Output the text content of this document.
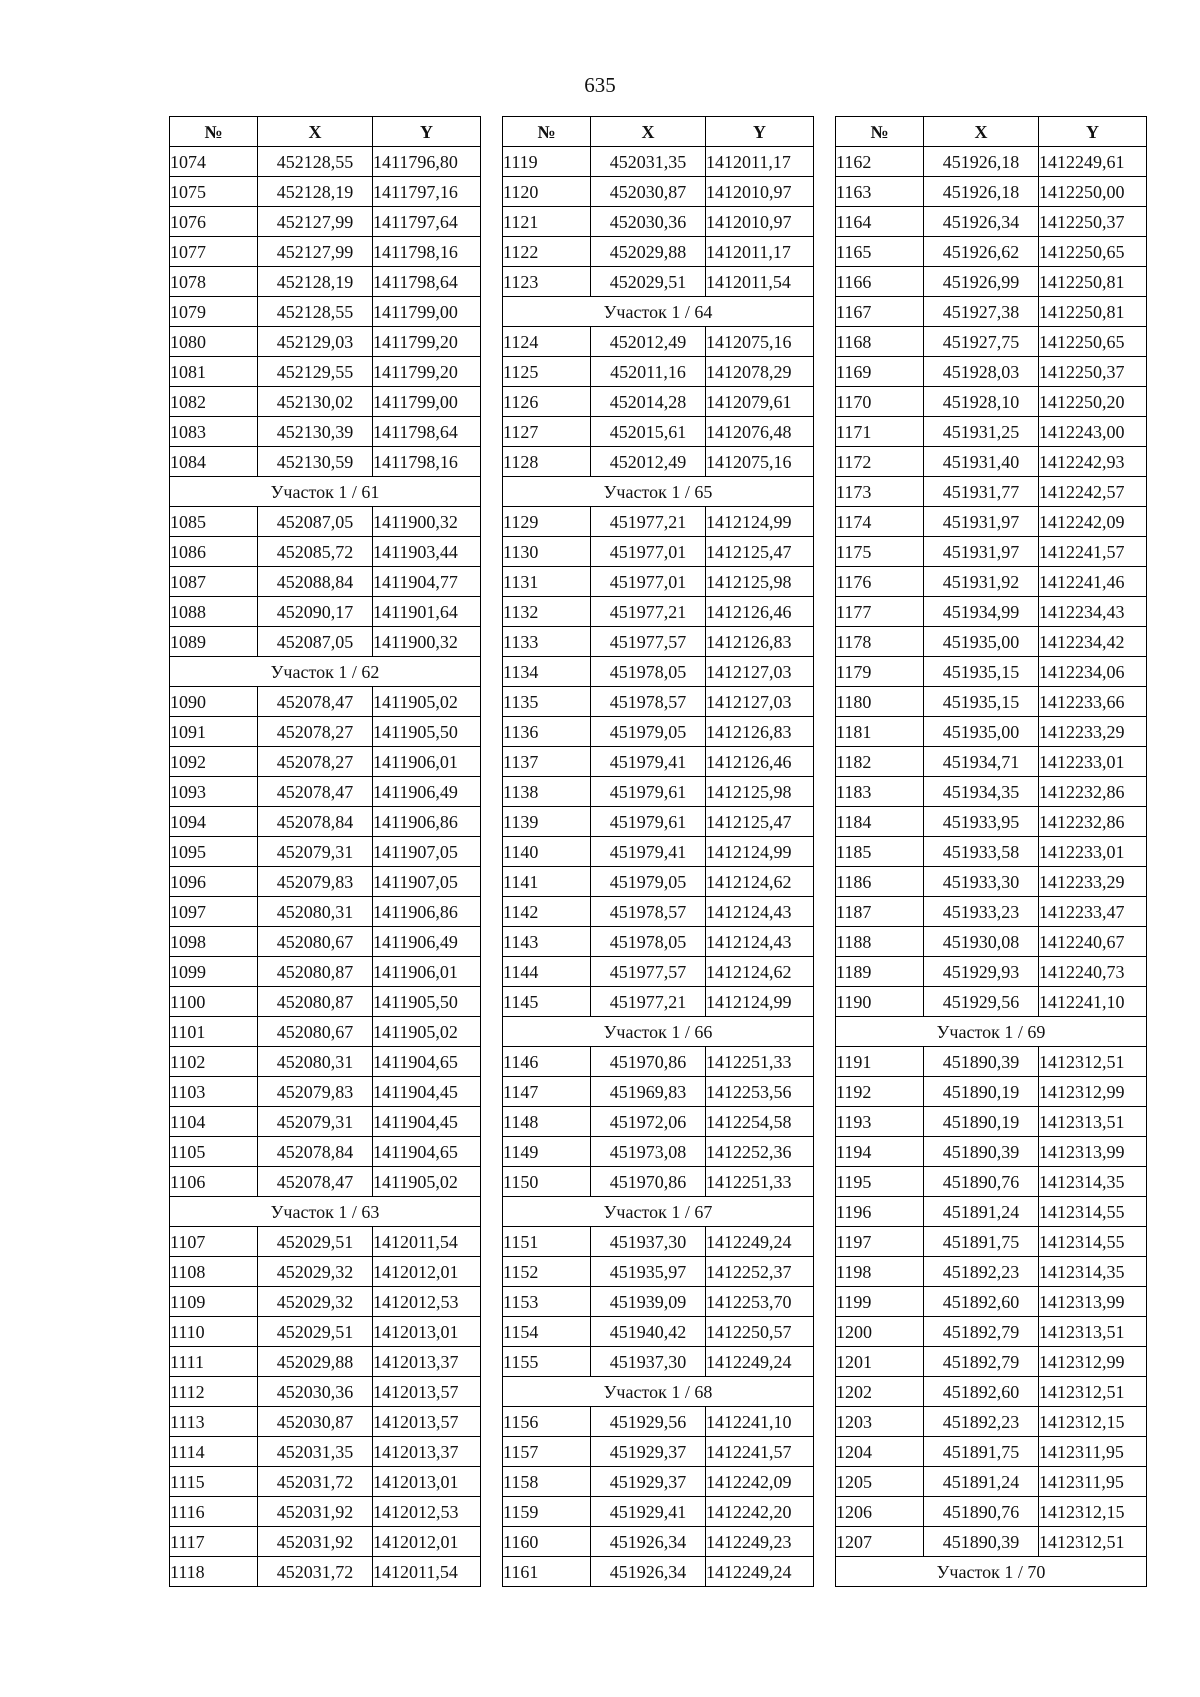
635
№	X	Y
1074	452128,55	1411796,80
1075	452128,19	1411797,16
1076	452127,99	1411797,64
1077	452127,99	1411798,16
1078	452128,19	1411798,64
1079	452128,55	1411799,00
1080	452129,03	1411799,20
1081	452129,55	1411799,20
1082	452130,02	1411799,00
1083	452130,39	1411798,64
1084	452130,59	1411798,16
Участок 1 / 61		
1085	452087,05	1411900,32
1086	452085,72	1411903,44
1087	452088,84	1411904,77
1088	452090,17	1411901,64
1089	452087,05	1411900,32
Участок 1 / 62		
1090	452078,47	1411905,02
1091	452078,27	1411905,50
1092	452078,27	1411906,01
1093	452078,47	1411906,49
1094	452078,84	1411906,86
1095	452079,31	1411907,05
1096	452079,83	1411907,05
1097	452080,31	1411906,86
1098	452080,67	1411906,49
1099	452080,87	1411906,01
1100	452080,87	1411905,50
1101	452080,67	1411905,02
1102	452080,31	1411904,65
1103	452079,83	1411904,45
1104	452079,31	1411904,45
1105	452078,84	1411904,65
1106	452078,47	1411905,02
Участок 1 / 63		
1107	452029,51	1412011,54
1108	452029,32	1412012,01
1109	452029,32	1412012,53
1110	452029,51	1412013,01
1111	452029,88	1412013,37
1112	452030,36	1412013,57
1113	452030,87	1412013,57
1114	452031,35	1412013,37
1115	452031,72	1412013,01
1116	452031,92	1412012,53
1117	452031,92	1412012,01
1118	452031,72	1412011,54
№	X	Y
1119	452031,35	1412011,17
1120	452030,87	1412010,97
1121	452030,36	1412010,97
1122	452029,88	1412011,17
1123	452029,51	1412011,54
Участок 1 / 64		
1124	452012,49	1412075,16
1125	452011,16	1412078,29
1126	452014,28	1412079,61
1127	452015,61	1412076,48
1128	452012,49	1412075,16
Участок 1 / 65		
1129	451977,21	1412124,99
1130	451977,01	1412125,47
1131	451977,01	1412125,98
1132	451977,21	1412126,46
1133	451977,57	1412126,83
1134	451978,05	1412127,03
1135	451978,57	1412127,03
1136	451979,05	1412126,83
1137	451979,41	1412126,46
1138	451979,61	1412125,98
1139	451979,61	1412125,47
1140	451979,41	1412124,99
1141	451979,05	1412124,62
1142	451978,57	1412124,43
1143	451978,05	1412124,43
1144	451977,57	1412124,62
1145	451977,21	1412124,99
Участок 1 / 66		
1146	451970,86	1412251,33
1147	451969,83	1412253,56
1148	451972,06	1412254,58
1149	451973,08	1412252,36
1150	451970,86	1412251,33
Участок 1 / 67		
1151	451937,30	1412249,24
1152	451935,97	1412252,37
1153	451939,09	1412253,70
1154	451940,42	1412250,57
1155	451937,30	1412249,24
Участок 1 / 68		
1156	451929,56	1412241,10
1157	451929,37	1412241,57
1158	451929,37	1412242,09
1159	451929,41	1412242,20
1160	451926,34	1412249,23
1161	451926,34	1412249,24
№	X	Y
1162	451926,18	1412249,61
1163	451926,18	1412250,00
1164	451926,34	1412250,37
1165	451926,62	1412250,65
1166	451926,99	1412250,81
1167	451927,38	1412250,81
1168	451927,75	1412250,65
1169	451928,03	1412250,37
1170	451928,10	1412250,20
1171	451931,25	1412243,00
1172	451931,40	1412242,93
1173	451931,77	1412242,57
1174	451931,97	1412242,09
1175	451931,97	1412241,57
1176	451931,92	1412241,46
1177	451934,99	1412234,43
1178	451935,00	1412234,42
1179	451935,15	1412234,06
1180	451935,15	1412233,66
1181	451935,00	1412233,29
1182	451934,71	1412233,01
1183	451934,35	1412232,86
1184	451933,95	1412232,86
1185	451933,58	1412233,01
1186	451933,30	1412233,29
1187	451933,23	1412233,47
1188	451930,08	1412240,67
1189	451929,93	1412240,73
1190	451929,56	1412241,10
Участок 1 / 69		
1191	451890,39	1412312,51
1192	451890,19	1412312,99
1193	451890,19	1412313,51
1194	451890,39	1412313,99
1195	451890,76	1412314,35
1196	451891,24	1412314,55
1197	451891,75	1412314,55
1198	451892,23	1412314,35
1199	451892,60	1412313,99
1200	451892,79	1412313,51
1201	451892,79	1412312,99
1202	451892,60	1412312,51
1203	451892,23	1412312,15
1204	451891,75	1412311,95
1205	451891,24	1412311,95
1206	451890,76	1412312,15
1207	451890,39	1412312,51
Участок 1 / 70		
